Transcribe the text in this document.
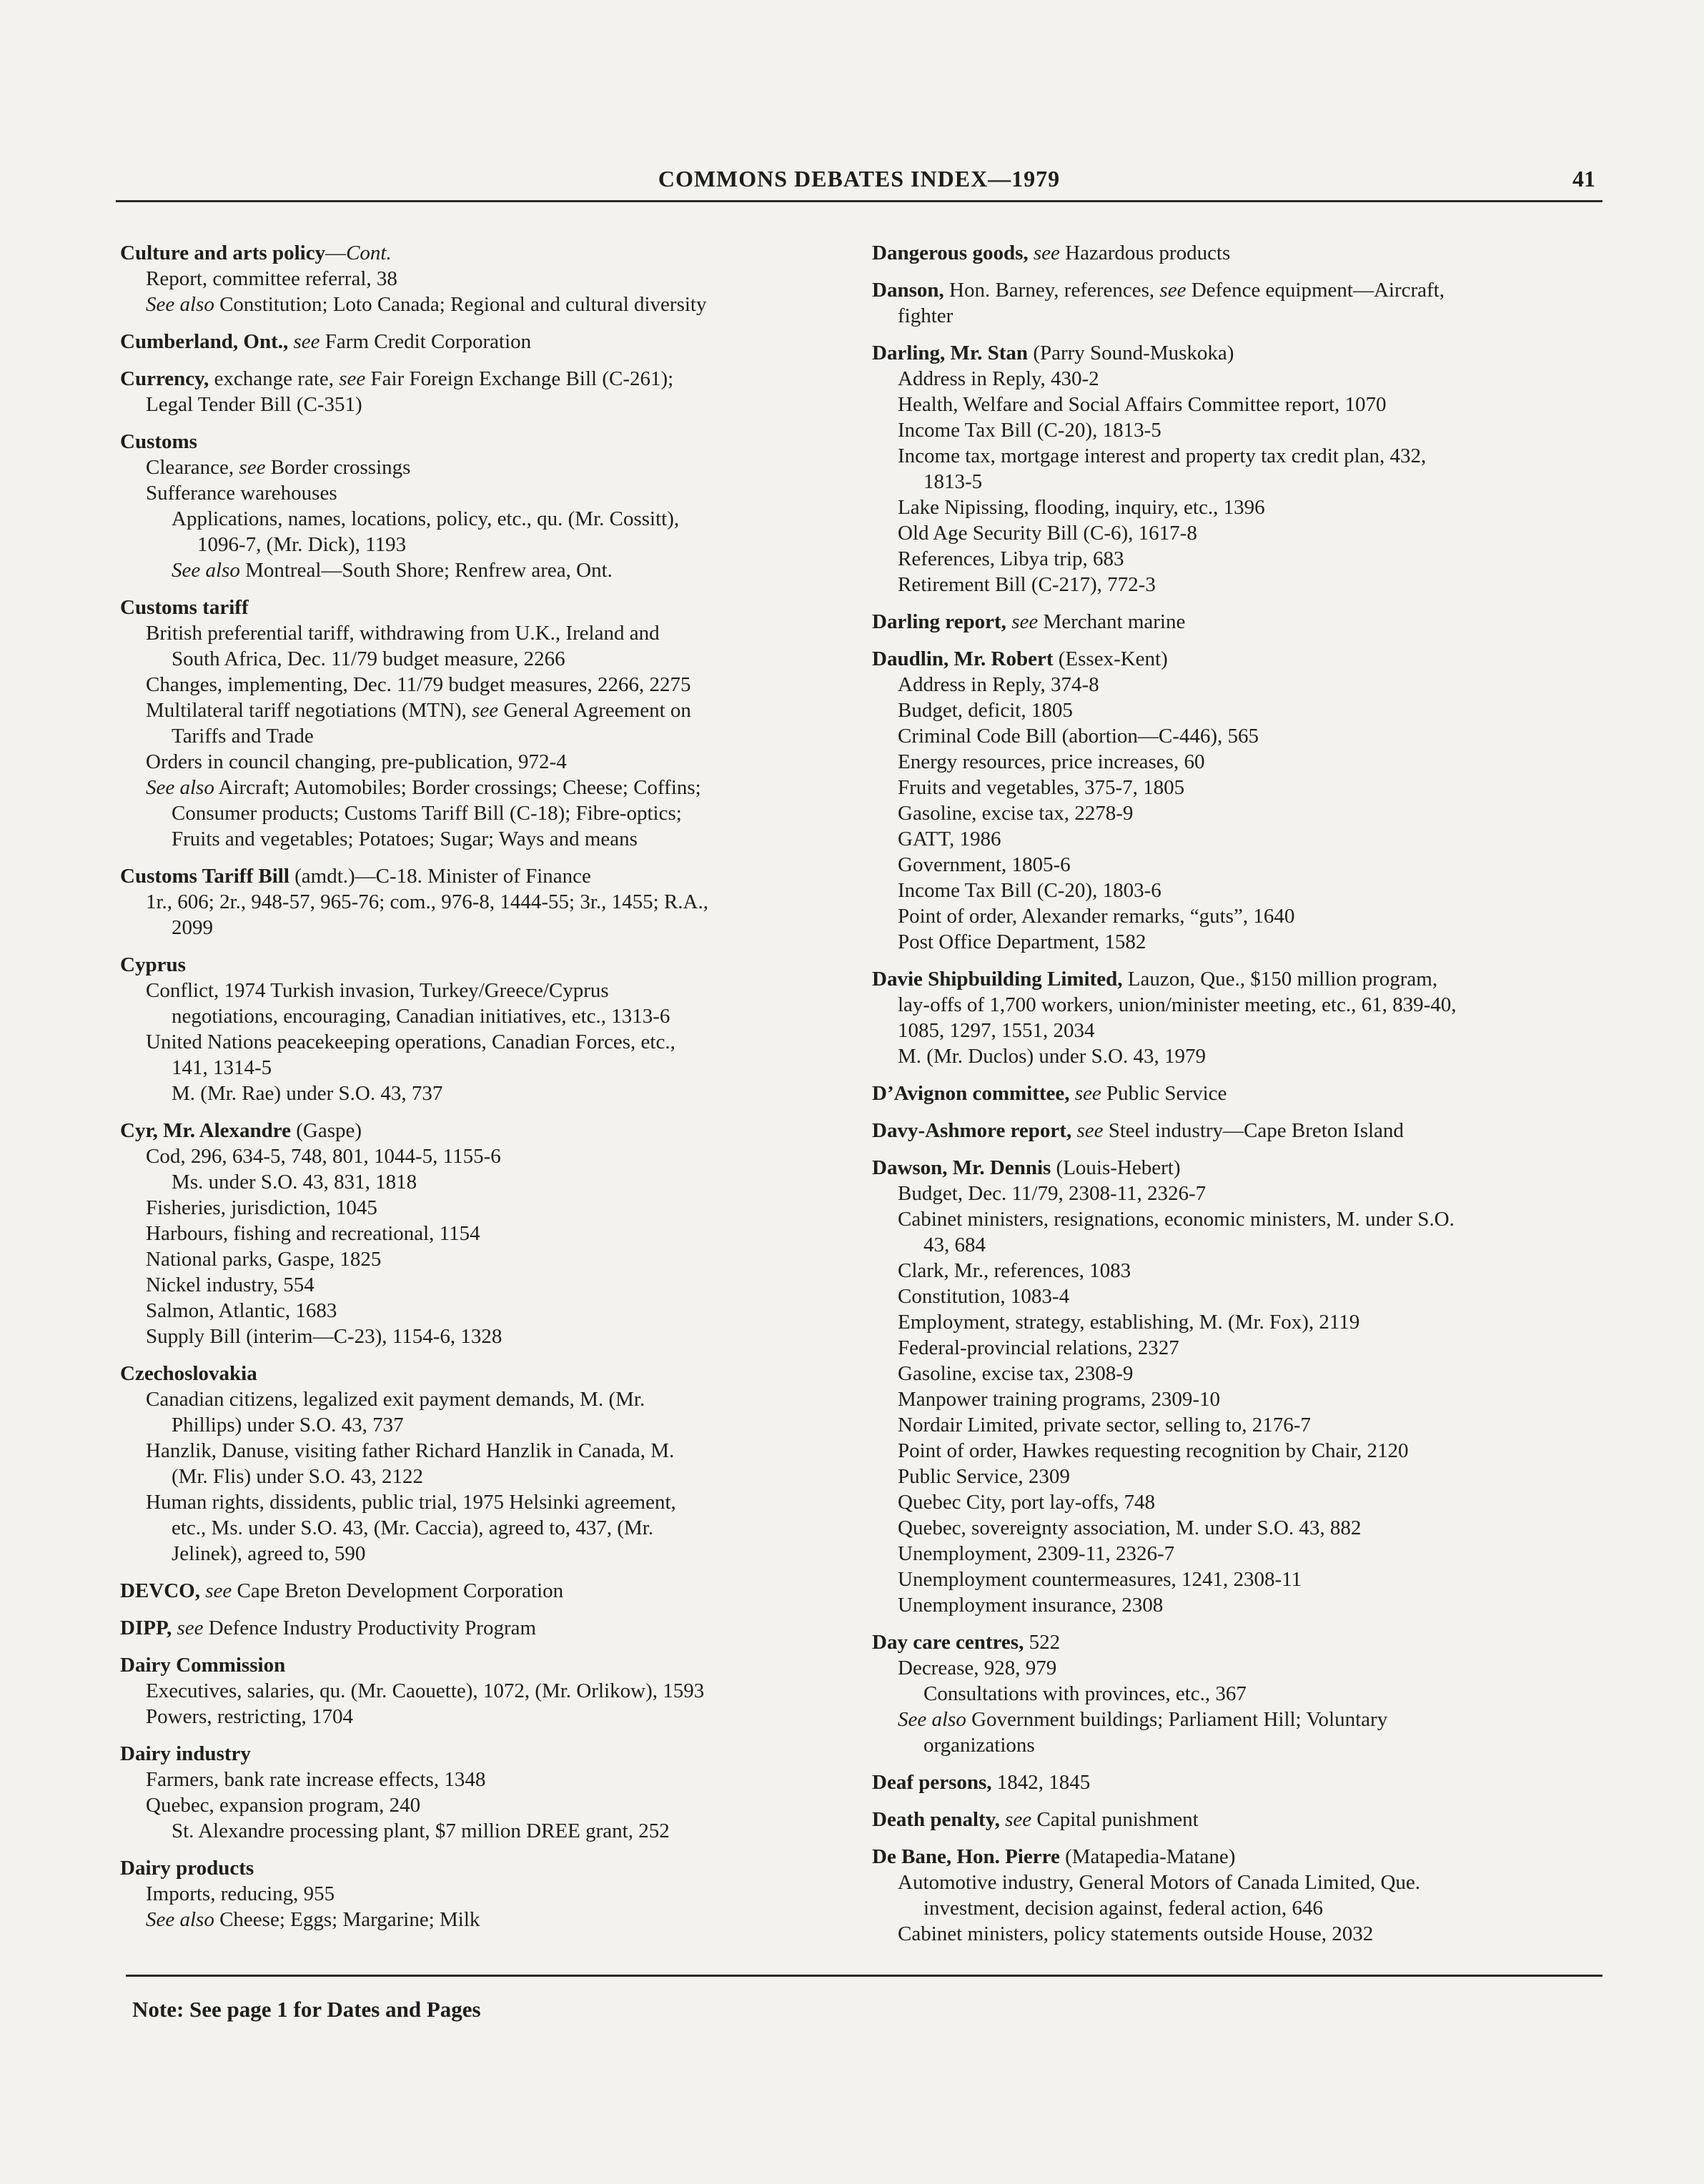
COMMONS DEBATES INDEX—1979	41
Culture and arts policy—Cont.
Report, committee referral, 38
See also Constitution; Loto Canada; Regional and cultural diversity
Cumberland, Ont., see Farm Credit Corporation
Currency, exchange rate, see Fair Foreign Exchange Bill (C-261);
Legal Tender Bill (C-351)
Customs
Clearance, see Border crossings
Sufferance warehouses
Applications, names, locations, policy, etc., qu. (Mr. Cossitt),
1096-7, (Mr. Dick), 1193
See also Montreal—South Shore; Renfrew area, Ont.
Customs tariff
British preferential tariff, withdrawing from U.K., Ireland and
South Africa, Dec. 11/79 budget measure, 2266
Changes, implementing, Dec. 11/79 budget measures, 2266, 2275
Multilateral tariff negotiations (MTN), see General Agreement on
Tariffs and Trade
Orders in council changing, pre-publication, 972-4
See also Aircraft; Automobiles; Border crossings; Cheese; Coffins;
Consumer products; Customs Tariff Bill (C-18); Fibre-optics;
Fruits and vegetables; Potatoes; Sugar; Ways and means
Customs Tariff Bill (amdt.)—C-18. Minister of Finance
1r., 606; 2r., 948-57, 965-76; com., 976-8, 1444-55; 3r., 1455; R.A.,
2099
Cyprus
Conflict, 1974 Turkish invasion, Turkey/Greece/Cyprus
negotiations, encouraging, Canadian initiatives, etc., 1313-6
United Nations peacekeeping operations, Canadian Forces, etc.,
141, 1314-5
M. (Mr. Rae) under S.O. 43, 737
Cyr, Mr. Alexandre (Gaspe)
Cod, 296, 634-5, 748, 801, 1044-5, 1155-6
Ms. under S.O. 43, 831, 1818
Fisheries, jurisdiction, 1045
Harbours, fishing and recreational, 1154
National parks, Gaspe, 1825
Nickel industry, 554
Salmon, Atlantic, 1683
Supply Bill (interim—C-23), 1154-6, 1328
Czechoslovakia
Canadian citizens, legalized exit payment demands, M. (Mr.
Phillips) under S.O. 43, 737
Hanzlik, Danuse, visiting father Richard Hanzlik in Canada, M.
(Mr. Flis) under S.O. 43, 2122
Human rights, dissidents, public trial, 1975 Helsinki agreement,
etc., Ms. under S.O. 43, (Mr. Caccia), agreed to, 437, (Mr.
Jelinek), agreed to, 590
DEVCO, see Cape Breton Development Corporation
DIPP, see Defence Industry Productivity Program
Dairy Commission
Executives, salaries, qu. (Mr. Caouette), 1072, (Mr. Orlikow), 1593
Powers, restricting, 1704
Dairy industry
Farmers, bank rate increase effects, 1348
Quebec, expansion program, 240
St. Alexandre processing plant, $7 million DREE grant, 252
Dairy products
Imports, reducing, 955
See also Cheese; Eggs; Margarine; Milk
Dangerous goods, see Hazardous products
Danson, Hon. Barney, references, see Defence equipment—Aircraft,
fighter
Darling, Mr. Stan (Parry Sound-Muskoka)
Address in Reply, 430-2
Health, Welfare and Social Affairs Committee report, 1070
Income Tax Bill (C-20), 1813-5
Income tax, mortgage interest and property tax credit plan, 432,
1813-5
Lake Nipissing, flooding, inquiry, etc., 1396
Old Age Security Bill (C-6), 1617-8
References, Libya trip, 683
Retirement Bill (C-217), 772-3
Darling report, see Merchant marine
Daudlin, Mr. Robert (Essex-Kent)
Address in Reply, 374-8
Budget, deficit, 1805
Criminal Code Bill (abortion—C-446), 565
Energy resources, price increases, 60
Fruits and vegetables, 375-7, 1805
Gasoline, excise tax, 2278-9
GATT, 1986
Government, 1805-6
Income Tax Bill (C-20), 1803-6
Point of order, Alexander remarks, “guts”, 1640
Post Office Department, 1582
Davie Shipbuilding Limited, Lauzon, Que., $150 million program,
lay-offs of 1,700 workers, union/minister meeting, etc., 61, 839-40,
1085, 1297, 1551, 2034
M. (Mr. Duclos) under S.O. 43, 1979
D’Avignon committee, see Public Service
Davy-Ashmore report, see Steel industry—Cape Breton Island
Dawson, Mr. Dennis (Louis-Hebert)
Budget, Dec. 11/79, 2308-11, 2326-7
Cabinet ministers, resignations, economic ministers, M. under S.O.
43, 684
Clark, Mr., references, 1083
Constitution, 1083-4
Employment, strategy, establishing, M. (Mr. Fox), 2119
Federal-provincial relations, 2327
Gasoline, excise tax, 2308-9
Manpower training programs, 2309-10
Nordair Limited, private sector, selling to, 2176-7
Point of order, Hawkes requesting recognition by Chair, 2120
Public Service, 2309
Quebec City, port lay-offs, 748
Quebec, sovereignty association, M. under S.O. 43, 882
Unemployment, 2309-11, 2326-7
Unemployment countermeasures, 1241, 2308-11
Unemployment insurance, 2308
Day care centres, 522
Decrease, 928, 979
Consultations with provinces, etc., 367
See also Government buildings; Parliament Hill; Voluntary
organizations
Deaf persons, 1842, 1845
Death penalty, see Capital punishment
De Bane, Hon. Pierre (Matapedia-Matane)
Automotive industry, General Motors of Canada Limited, Que.
investment, decision against, federal action, 646
Cabinet ministers, policy statements outside House, 2032
Note: See page 1 for Dates and Pages
